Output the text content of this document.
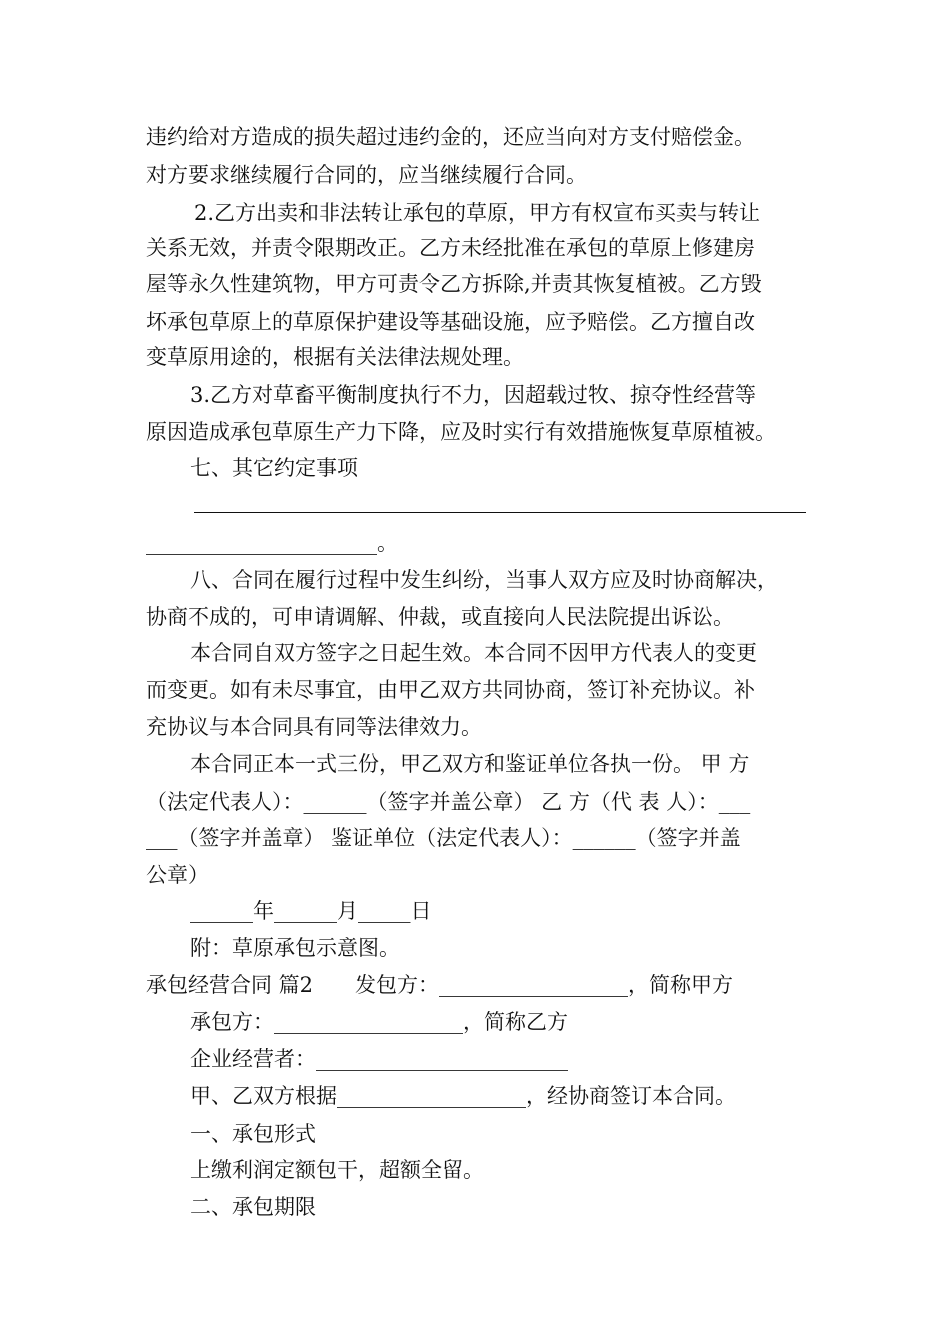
违约给对方造成的损失超过违约金的，还应当向对方支付赔偿金。
对方要求继续履行合同的，应当继续履行合同。
2.乙方出卖和非法转让承包的草原，甲方有权宣布买卖与转让
关系无效，并责令限期改正。乙方未经批准在承包的草原上修建房
屋等永久性建筑物，甲方可责令乙方拆除,并责其恢复植被。乙方毁
坏承包草原上的草原保护建设等基础设施，应予赔偿。乙方擅自改
变草原用途的，根据有关法律法规处理。
3.乙方对草畜平衡制度执行不力，因超载过牧、掠夺性经营等
原因造成承包草原生产力下降，应及时实行有效措施恢复草原植被。
七、其它约定事项
______________________。
八、合同在履行过程中发生纠纷，当事人双方应及时协商解决，
协商不成的，可申请调解、仲裁，或直接向人民法院提出诉讼。
本合同自双方签字之日起生效。本合同不因甲方代表人的变更
而变更。如有未尽事宜，由甲乙双方共同协商，签订补充协议。补
充协议与本合同具有同等法律效力。
本合同正本一式三份，甲乙双方和鉴证单位各执一份。 甲 方
（法定代表人）：______（签字并盖公章） 乙 方（代 表 人）：___
___（签字并盖章） 鉴证单位（法定代表人）：______（签字并盖
公章）
______年______月_____日
附：草原承包示意图。
承包经营合同 篇2　　发包方：__________________，简称甲方
承包方：__________________，简称乙方
企业经营者：________________________
甲、乙双方根据__________________，经协商签订本合同。
一、承包形式
上缴利润定额包干，超额全留。
二、承包期限
